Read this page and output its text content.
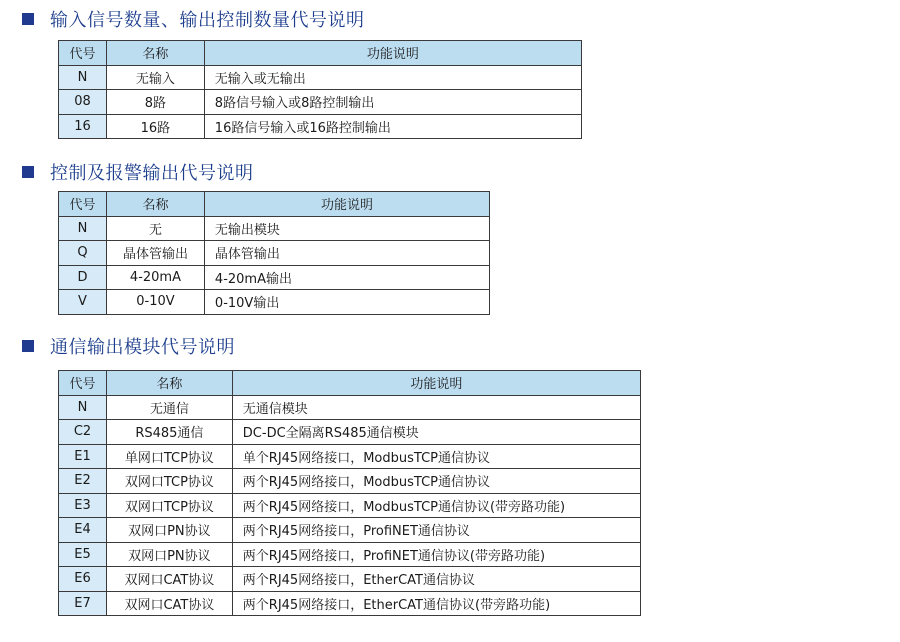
输入信号数量、输出控制数量代号说明
代号	名称	功能说明
N	无输入	无输入或无输出
08	8路	8路信号输入或8路控制输出
16	16路	16路信号输入或16路控制输出
控制及报警输出代号说明
代号	名称	功能说明
N	无	无输出模块
Q	晶体管输出	晶体管输出
D	4-20mA	4-20mA输出
V	0-10V	0-10V输出
通信输出模块代号说明
代号	名称	功能说明
N	无通信	无通信模块
C2	RS485通信	DC-DC全隔离RS485通信模块
E1	单网口TCP协议	单个RJ45网络接口，ModbusTCP通信协议
E2	双网口TCP协议	两个RJ45网络接口，ModbusTCP通信协议
E3	双网口TCP协议	两个RJ45网络接口，ModbusTCP通信协议(带旁路功能)
E4	双网口PN协议	两个RJ45网络接口，ProfiNET通信协议
E5	双网口PN协议	两个RJ45网络接口，ProfiNET通信协议(带旁路功能)
E6	双网口CAT协议	两个RJ45网络接口，EtherCAT通信协议
E7	双网口CAT协议	两个RJ45网络接口，EtherCAT通信协议(带旁路功能)
